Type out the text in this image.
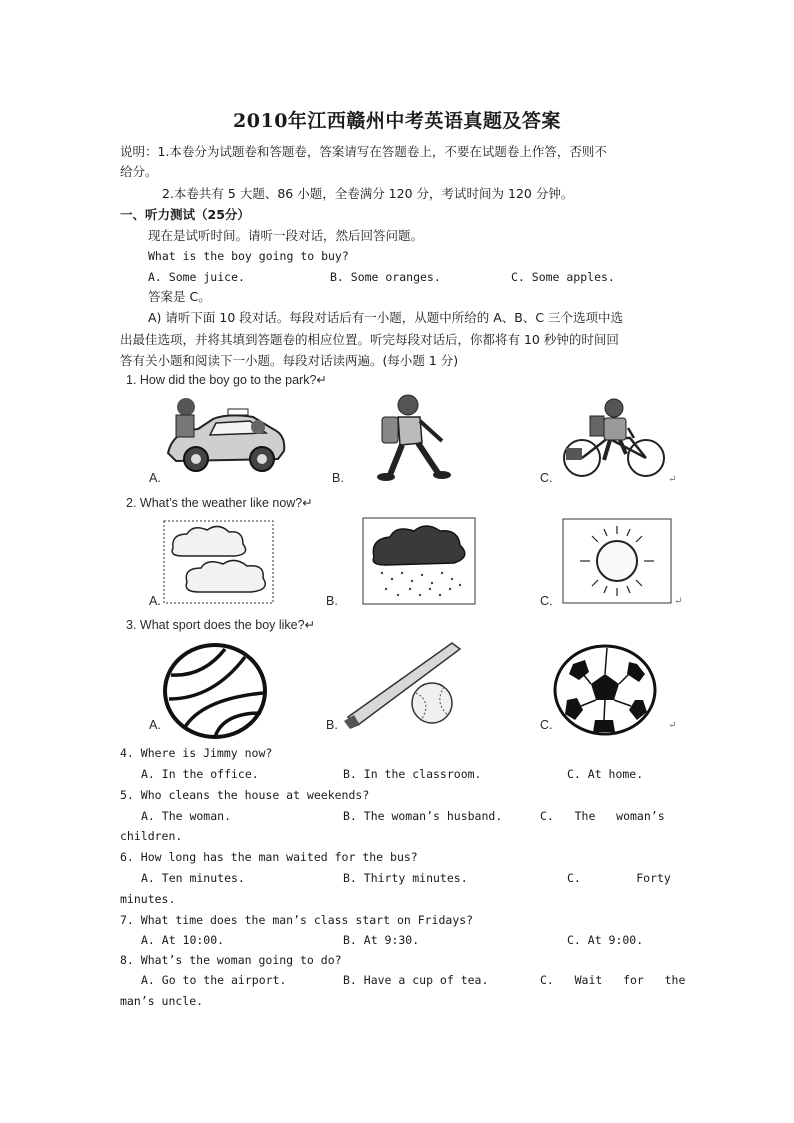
2010年江西赣州中考英语真题及答案
说明：1.本卷分为试题卷和答题卷，答案请写在答题卷上，不要在试题卷上作答，否则不
给分。
2.本卷共有 5 大题、86 小题，全卷满分 120 分，考试时间为 120 分钟。
一、听力测试（25分）
现在是试听时间。请听一段对话，然后回答问题。
What is the boy going to buy?
A. Some juice.	B. Some oranges.	C. Some apples.
答案是 C。
A) 请听下面 10 段对话。每段对话后有一小题，从题中所给的 A、B、C 三个选项中选
出最佳选项，并将其填到答题卷的相应位置。听完每段对话后，你都将有 10 秒钟的时间回
答有关小题和阅读下一小题。每段对话读两遍。(每小题 1 分)
1. How did the boy go to the park?↵
A.	B.	C.	↵
2. What’s the weather like now?↵
A.	B.	C.	↵
3. What sport does the boy like?↵
A.	B.	C.	↵
4. Where is Jimmy now?
A. In the office.	B. In the classroom.	C. At home.
5. Who cleans the house at weekends?
A. The woman.	B. The woman’s husband.	C.   The   woman’s
children.
6. How long has the man waited for the bus?
A. Ten minutes.	B. Thirty minutes.	C.        Forty
minutes.
7. What time does the man’s class start on Fridays?
A. At 10:00.	B. At 9:30.	C. At 9:00.
8. What’s the woman going to do?
A. Go to the airport.	B. Have a cup of tea.	C.   Wait   for   the
man’s uncle.
